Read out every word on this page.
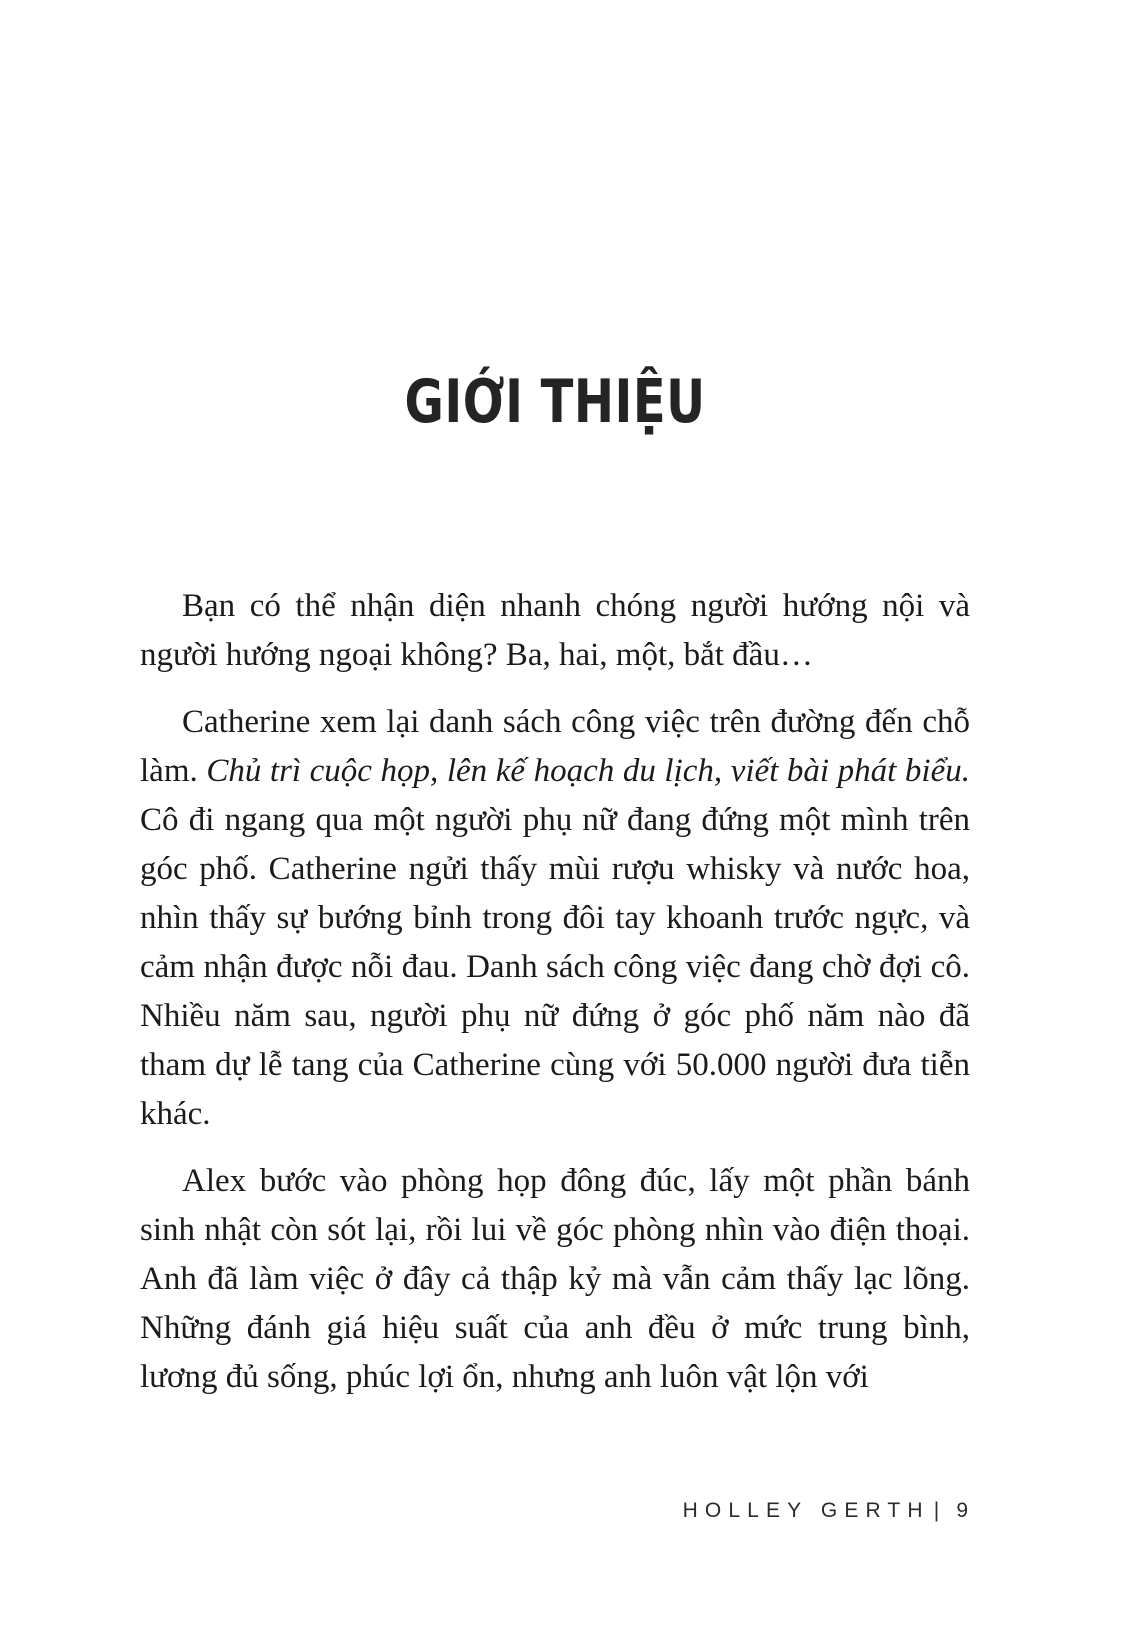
GIỚI THIỆU

Bạn có thể nhận diện nhanh chóng người hướng nội và người hướng ngoại không? Ba, hai, một, bắt đầu…

Catherine xem lại danh sách công việc trên đường đến chỗ làm. Chủ trì cuộc họp, lên kế hoạch du lịch, viết bài phát biểu. Cô đi ngang qua một người phụ nữ đang đứng một mình trên góc phố. Catherine ngửi thấy mùi rượu whisky và nước hoa, nhìn thấy sự bướng bỉnh trong đôi tay khoanh trước ngực, và cảm nhận được nỗi đau. Danh sách công việc đang chờ đợi cô. Nhiều năm sau, người phụ nữ đứng ở góc phố năm nào đã tham dự lễ tang của Catherine cùng với 50.000 người đưa tiễn khác.

Alex bước vào phòng họp đông đúc, lấy một phần bánh sinh nhật còn sót lại, rồi lui về góc phòng nhìn vào điện thoại. Anh đã làm việc ở đây cả thập kỷ mà vẫn cảm thấy lạc lõng. Những đánh giá hiệu suất của anh đều ở mức trung bình, lương đủ sống, phúc lợi ổn, nhưng anh luôn vật lộn với

HOLLEY GERTH | 9
